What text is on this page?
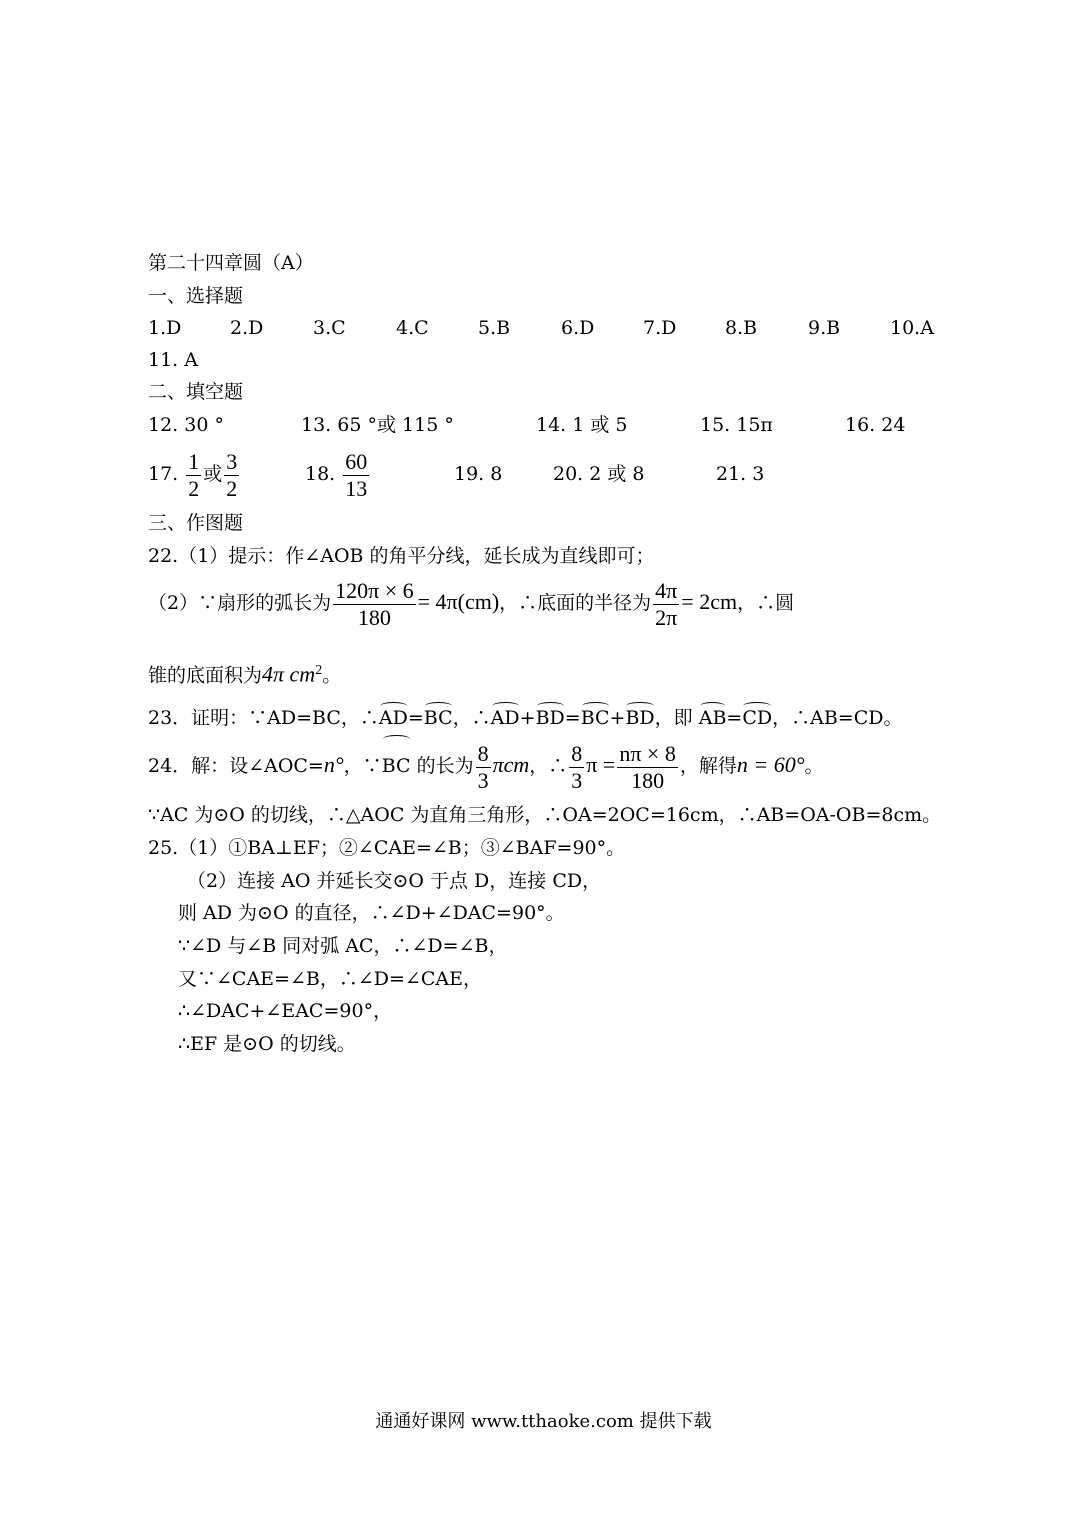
第二十四章圆（A）
一、选择题
1.D	2.D	3.C	4.C	5.B	6.D	7.D	8.B	9.B	10.A
11. A
二、填空题
12. 30 °	13. 65 °或 115 °	14. 1 或 5	15. 15π	16. 24
17. $\frac{1}{2}$ 或 $\frac{3}{2}$	18. $\frac{60}{13}$	19. 8	20. 2 或 8	21. 3
三、作图题
22.（1）提示：作∠AOB 的角平分线，延长成为直线即可；
（2）∵扇形的弧长为 $\frac{120\pi \times 6}{180} = 4\pi(cm)$，∴底面的半径为 $\frac{4\pi}{2\pi} = 2cm$，∴圆
锥的底面积为4π $cm^2$。
23．证明：∵AD=BC，∴AD=BC，∴AD+BD=BC+BD，即 AB=CD，∴AB=CD。
24．解：设∠AOC=n°，∵BC 的长为 $\frac{8}{3}$ πcm，∴ $\frac{8}{3}$ $\pi = \frac{n\pi \times 8}{180}$ ，解得n = 60°。
∵AC 为⊙O 的切线，∴△AOC 为直角三角形，∴OA=2OC=16cm，∴AB=OA-OB=8cm。
25.（1）①BA⊥EF；②∠CAE=∠B；③∠BAF=90°。
（2）连接 AO 并延长交⊙O 于点 D，连接 CD，
则 AD 为⊙O 的直径，∴∠D+∠DAC=90°。
∵∠D 与∠B 同对弧 AC，∴∠D=∠B，
又∵∠CAE=∠B，∴∠D=∠CAE，
∴∠DAC+∠EAC=90°，
∴EF 是⊙O 的切线。
通通好课网 www.tthaoke.com 提供下载
